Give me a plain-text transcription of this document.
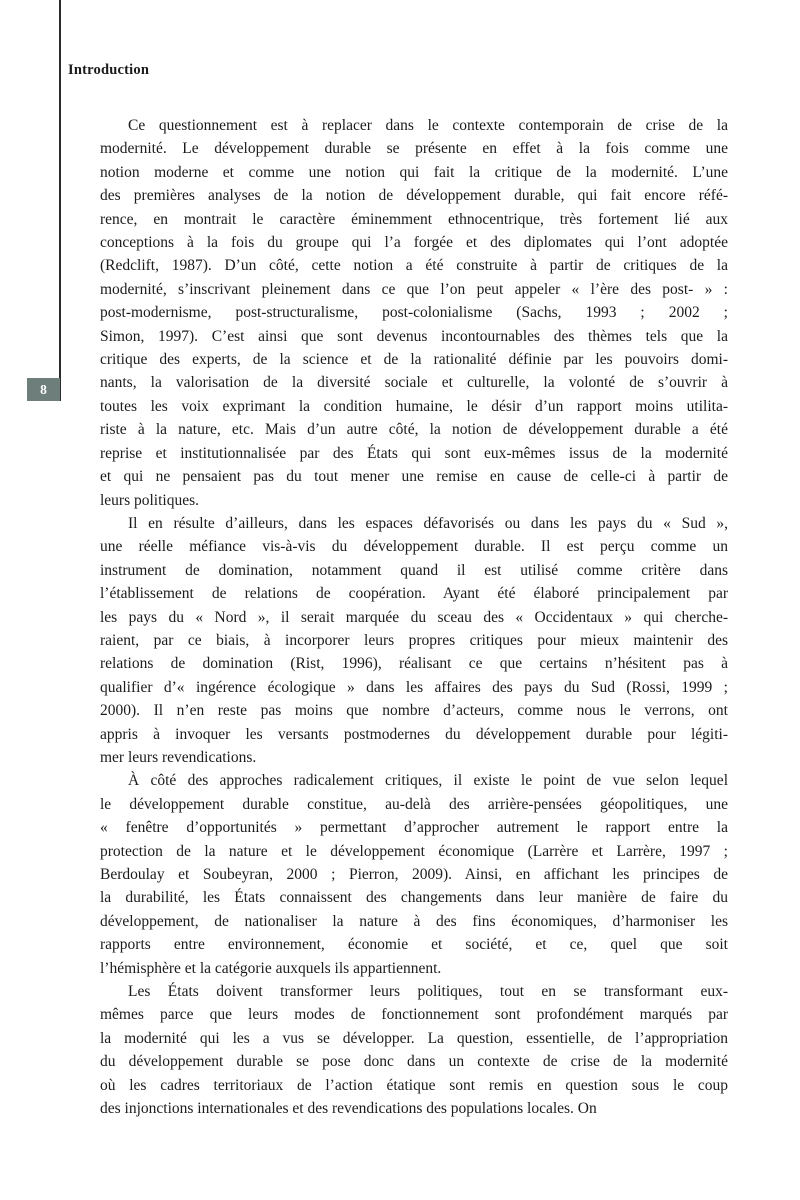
Introduction
8
Ce questionnement est à replacer dans le contexte contemporain de crise de la
modernité. Le développement durable se présente en effet à la fois comme une
notion moderne et comme une notion qui fait la critique de la modernité. L’une
des premières analyses de la notion de développement durable, qui fait encore réfé-
rence, en montrait le caractère éminemment ethnocentrique, très fortement lié aux
conceptions à la fois du groupe qui l’a forgée et des diplomates qui l’ont adoptée
(Redclift, 1987). D’un côté, cette notion a été construite à partir de critiques de la
modernité, s’inscrivant pleinement dans ce que l’on peut appeler « l’ère des post- » :
post-modernisme, post-structuralisme, post-colonialisme (Sachs, 1993 ; 2002 ;
Simon, 1997). C’est ainsi que sont devenus incontournables des thèmes tels que la
critique des experts, de la science et de la rationalité définie par les pouvoirs domi-
nants, la valorisation de la diversité sociale et culturelle, la volonté de s’ouvrir à
toutes les voix exprimant la condition humaine, le désir d’un rapport moins utilita-
riste à la nature, etc. Mais d’un autre côté, la notion de développement durable a été
reprise et institutionnalisée par des États qui sont eux-mêmes issus de la modernité
et qui ne pensaient pas du tout mener une remise en cause de celle-ci à partir de
leurs politiques.
Il en résulte d’ailleurs, dans les espaces défavorisés ou dans les pays du « Sud »,
une réelle méfiance vis-à-vis du développement durable. Il est perçu comme un
instrument de domination, notamment quand il est utilisé comme critère dans
l’établissement de relations de coopération. Ayant été élaboré principalement par
les pays du « Nord », il serait marquée du sceau des « Occidentaux » qui cherche-
raient, par ce biais, à incorporer leurs propres critiques pour mieux maintenir des
relations de domination (Rist, 1996), réalisant ce que certains n’hésitent pas à
qualifier d’« ingérence écologique » dans les affaires des pays du Sud (Rossi, 1999 ;
2000). Il n’en reste pas moins que nombre d’acteurs, comme nous le verrons, ont
appris à invoquer les versants postmodernes du développement durable pour légiti-
mer leurs revendications.
À côté des approches radicalement critiques, il existe le point de vue selon lequel
le développement durable constitue, au-delà des arrière-pensées géopolitiques, une
« fenêtre d’opportunités » permettant d’approcher autrement le rapport entre la
protection de la nature et le développement économique (Larrère et Larrère, 1997 ;
Berdoulay et Soubeyran, 2000 ; Pierron, 2009). Ainsi, en affichant les principes de
la durabilité, les États connaissent des changements dans leur manière de faire du
développement, de nationaliser la nature à des fins économiques, d’harmoniser les
rapports entre environnement, économie et société, et ce, quel que soit
l’hémisphère et la catégorie auxquels ils appartiennent.
Les États doivent transformer leurs politiques, tout en se transformant eux-
mêmes parce que leurs modes de fonctionnement sont profondément marqués par
la modernité qui les a vus se développer. La question, essentielle, de l’appropriation
du développement durable se pose donc dans un contexte de crise de la modernité
où les cadres territoriaux de l’action étatique sont remis en question sous le coup
des injonctions internationales et des revendications des populations locales. On
